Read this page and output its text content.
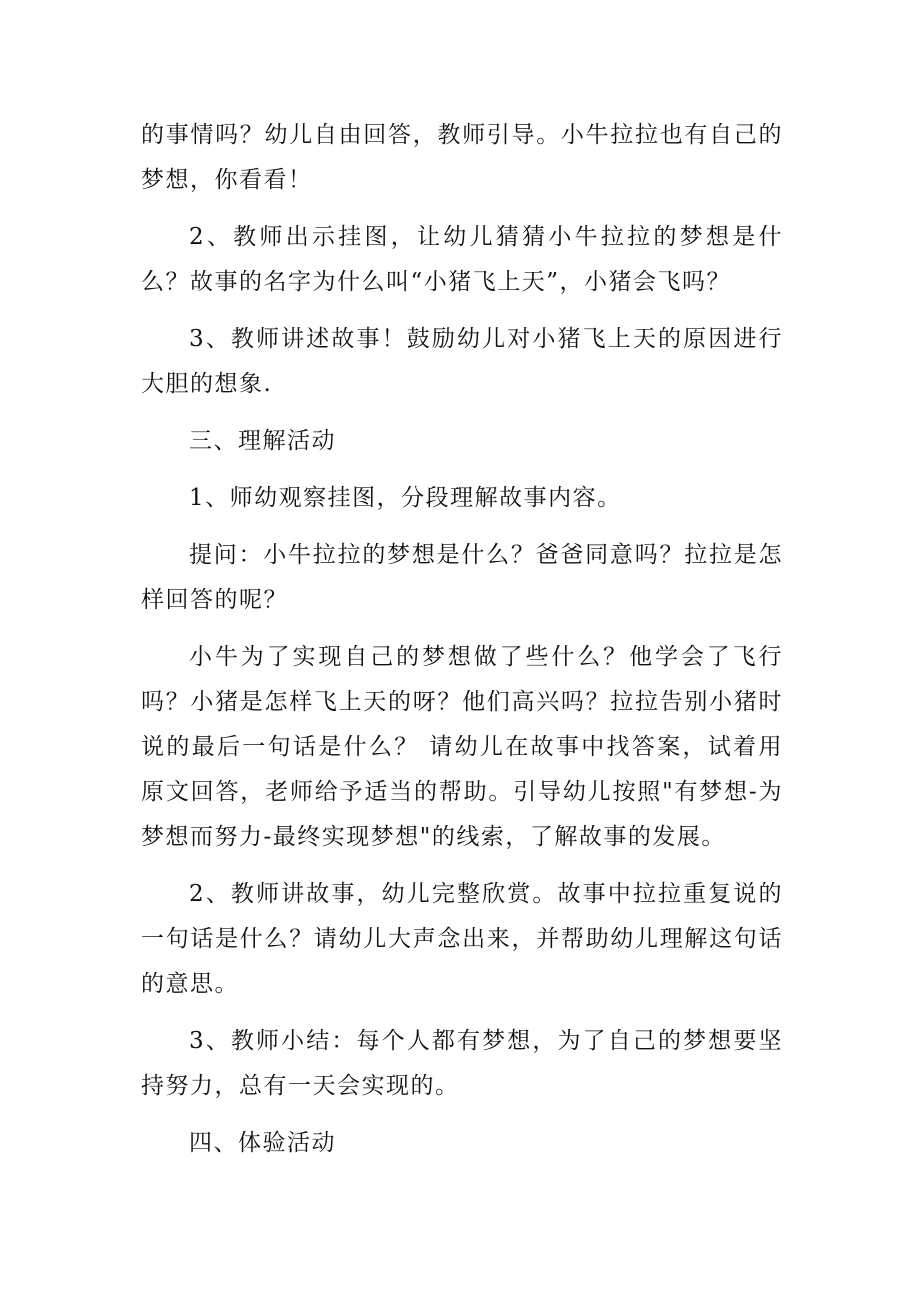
的事情吗？幼儿自由回答，教师引导。小牛拉拉也有自己的梦想，你看看！

2、教师出示挂图，让幼儿猜猜小牛拉拉的梦想是什么？故事的名字为什么叫“小猪飞上天”，小猪会飞吗？

3、教师讲述故事！鼓励幼儿对小猪飞上天的原因进行大胆的想象.

三、理解活动

1、师幼观察挂图，分段理解故事内容。

提问：小牛拉拉的梦想是什么？爸爸同意吗？拉拉是怎样回答的呢？

小牛为了实现自己的梦想做了些什么？他学会了飞行吗？小猪是怎样飞上天的呀？他们高兴吗？拉拉告别小猪时说的最后一句话是什么？ 请幼儿在故事中找答案，试着用原文回答，老师给予适当的帮助。引导幼儿按照"有梦想-为梦想而努力-最终实现梦想"的线索，了解故事的发展。

2、教师讲故事，幼儿完整欣赏。故事中拉拉重复说的一句话是什么？请幼儿大声念出来，并帮助幼儿理解这句话的意思。

3、教师小结：每个人都有梦想，为了自己的梦想要坚持努力，总有一天会实现的。

四、体验活动
